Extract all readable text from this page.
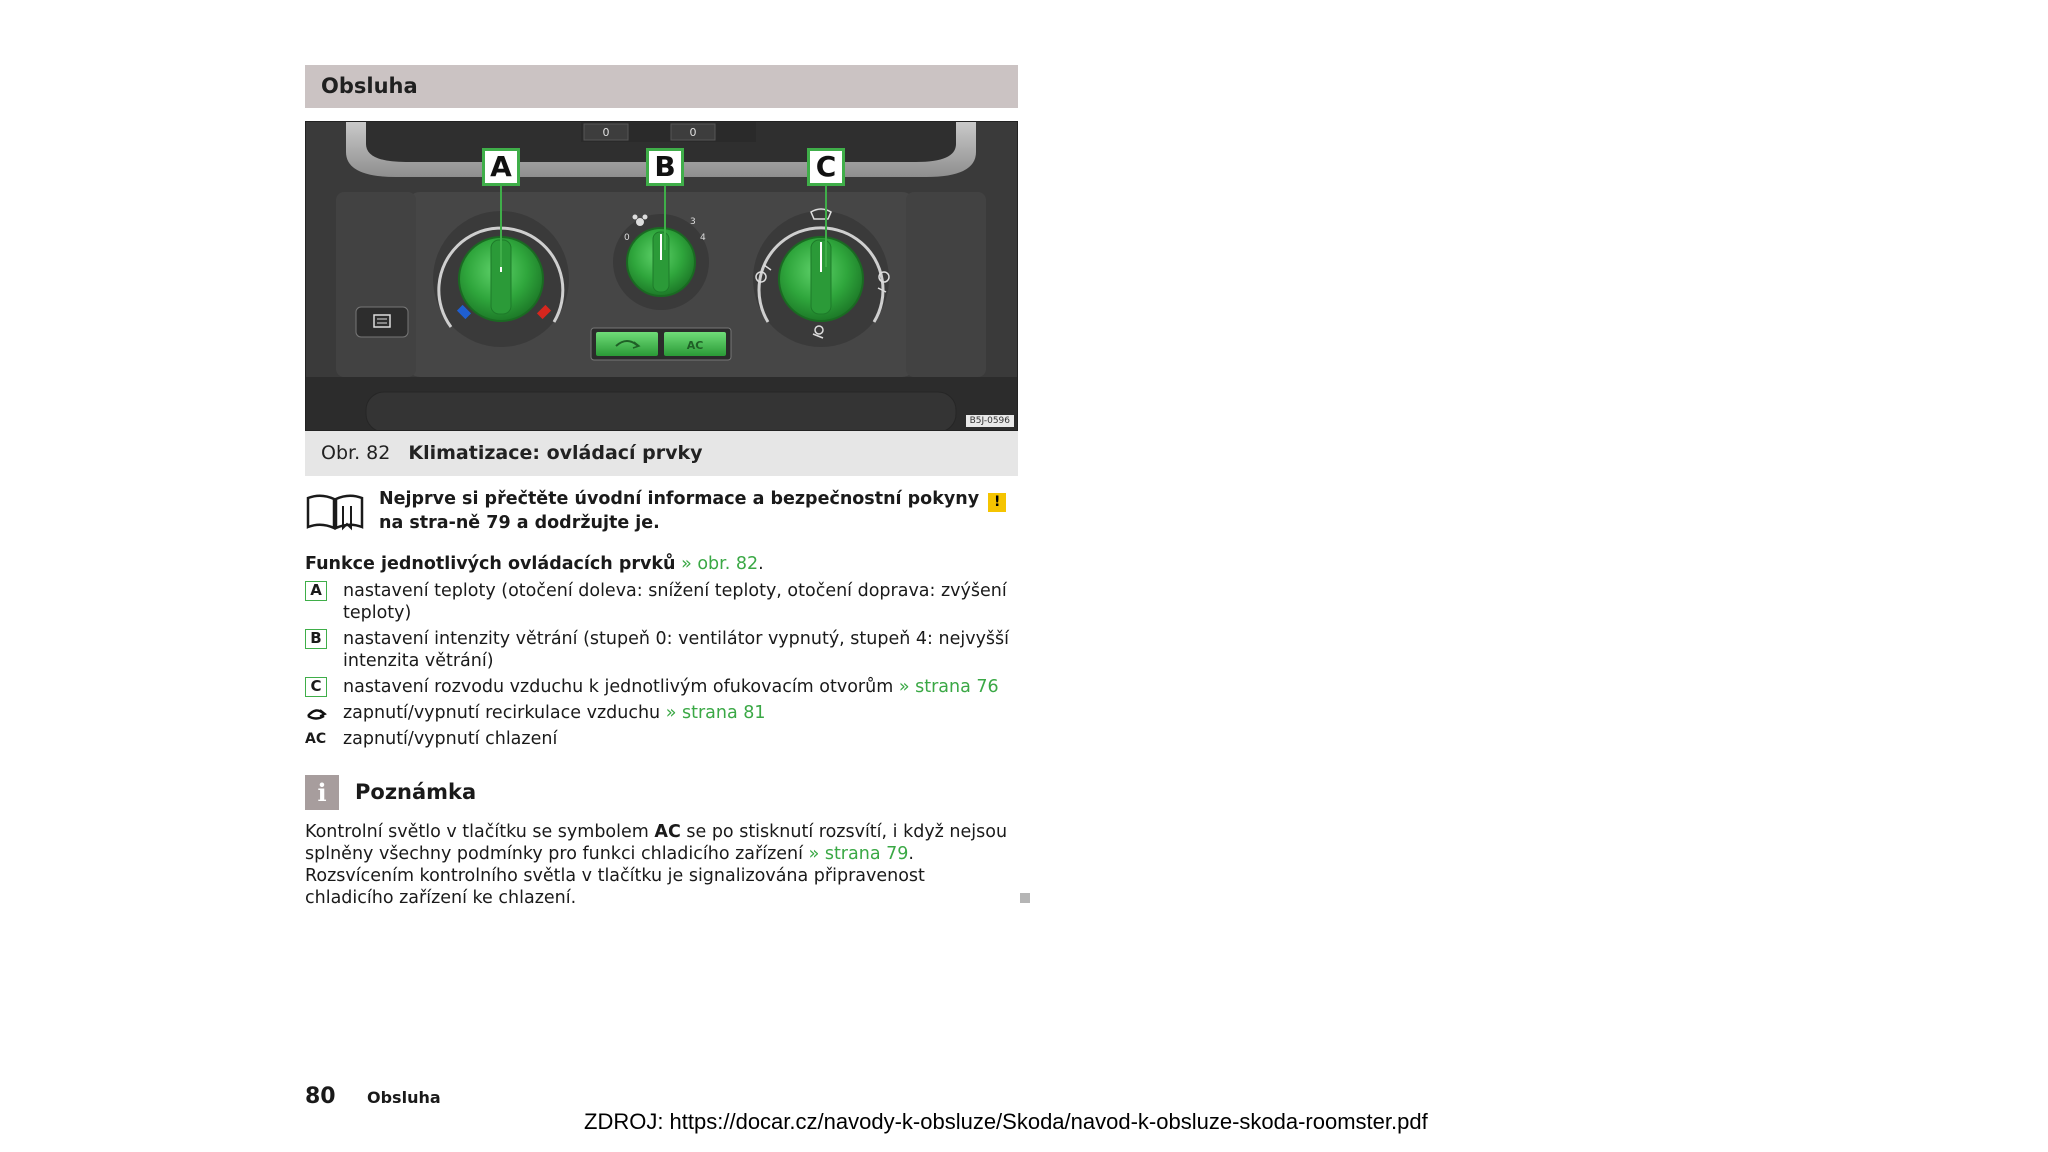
Obsluha
0	0
0
3
4
AC
A	B	C
B5J-0596
Obr. 82 Klimatizace: ovládací prvky
Nejprve si přečtěte úvodní informace a bezpečnostní pokyny ! na stra-ně 79 a dodržujte je.
Funkce jednotlivých ovládacích prvků » obr. 82.
A	nastavení teploty (otočení doleva: snížení teploty, otočení doprava: zvýšení teploty)
B	nastavení intenzity větrání (stupeň 0: ventilátor vypnutý, stupeň 4: nejvyšší intenzita větrání)
C	nastavení rozvodu vzduchu k jednotlivým ofukovacím otvorům » strana 76
zapnutí/vypnutí recirkulace vzduchu » strana 81
AC zapnutí/vypnutí chlazení
i	Poznámka
Kontrolní světlo v tlačítku se symbolem AC se po stisknutí rozsvítí, i když nejsou splněny všechny podmínky pro funkci chladicího zařízení » strana 79. Rozsvícením kontrolního světla v tlačítku je signalizována připravenost chladicího zařízení ke chlazení.
80 Obsluha
ZDROJ: https://docar.cz/navody-k-obsluze/Skoda/navod-k-obsluze-skoda-roomster.pdf
